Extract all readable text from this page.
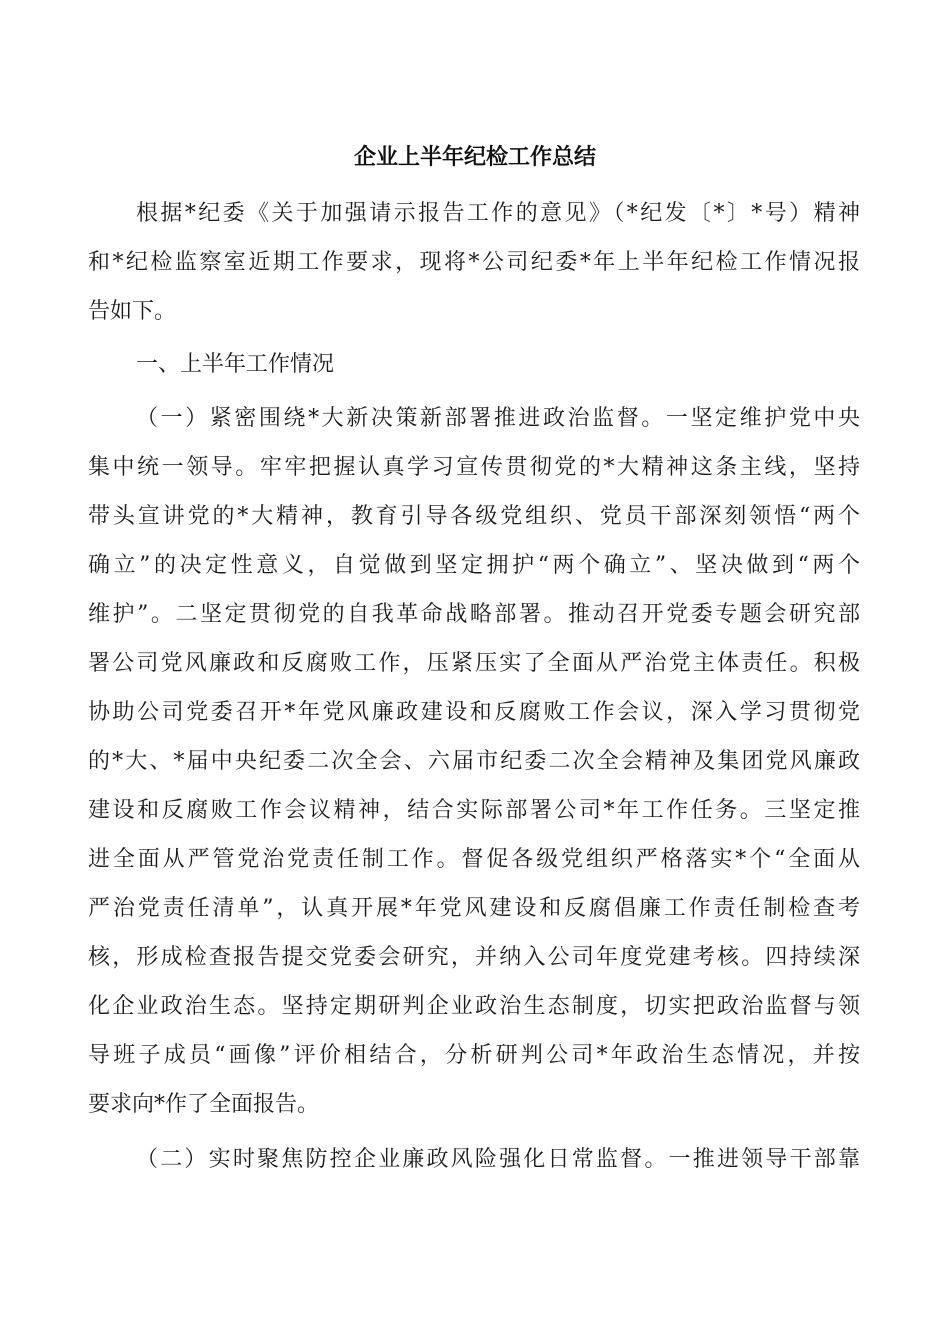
企业上半年纪检工作总结

根据*纪委《关于加强请示报告工作的意见》（*纪发〔*〕*号）精神

和*纪检监察室近期工作要求，现将*公司纪委*年上半年纪检工作情况报

告如下。

一、上半年工作情况

（一）紧密围绕*大新决策新部署推进政治监督。一坚定维护党中央

集中统一领导。牢牢把握认真学习宣传贯彻党的*大精神这条主线，坚持

带头宣讲党的*大精神，教育引导各级党组织、党员干部深刻领悟“两个

确立”的决定性意义，自觉做到坚定拥护“两个确立”、坚决做到“两个

维护”。二坚定贯彻党的自我革命战略部署。推动召开党委专题会研究部

署公司党风廉政和反腐败工作，压紧压实了全面从严治党主体责任。积极

协助公司党委召开*年党风廉政建设和反腐败工作会议，深入学习贯彻党

的*大、*届中央纪委二次全会、六届市纪委二次全会精神及集团党风廉政

建设和反腐败工作会议精神，结合实际部署公司*年工作任务。三坚定推

进全面从严管党治党责任制工作。督促各级党组织严格落实*个“全面从

严治党责任清单”，认真开展*年党风建设和反腐倡廉工作责任制检查考

核，形成检查报告提交党委会研究，并纳入公司年度党建考核。四持续深

化企业政治生态。坚持定期研判企业政治生态制度，切实把政治监督与领

导班子成员“画像”评价相结合，分析研判公司*年政治生态情况，并按

要求向*作了全面报告。

（二）实时聚焦防控企业廉政风险强化日常监督。一推进领导干部靠
